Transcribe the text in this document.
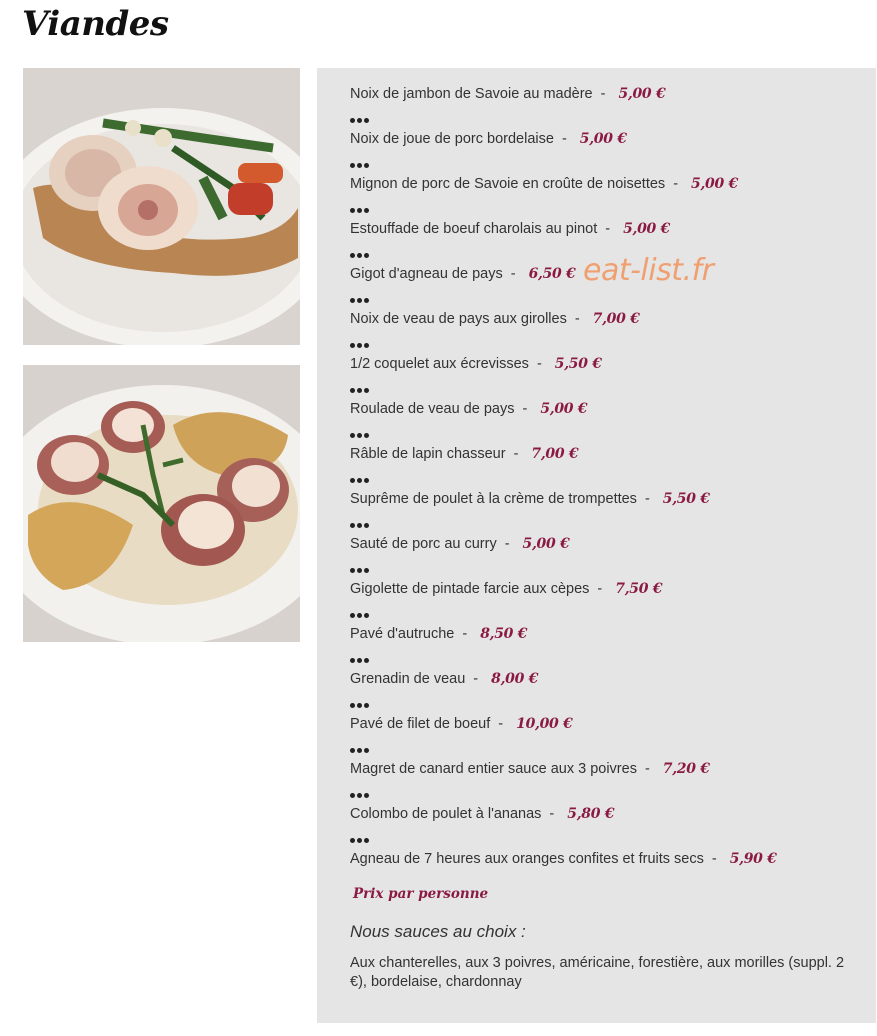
Viandes
Noix de jambon de Savoie au madère - 5,00 €
Noix de joue de porc bordelaise - 5,00 €
Mignon de porc de Savoie en croûte de noisettes - 5,00 €
Estouffade de boeuf charolais au pinot - 5,00 €
Gigot d'agneau de pays - 6,50 €
Noix de veau de pays aux girolles - 7,00 €
1/2 coquelet aux écrevisses - 5,50 €
Roulade de veau de pays - 5,00 €
Râble de lapin chasseur - 7,00 €
Suprême de poulet à la crème de trompettes - 5,50 €
Sauté de porc au curry - 5,00 €
Gigolette de pintade farcie aux cèpes - 7,50 €
Pavé d'autruche - 8,50 €
Grenadin de veau - 8,00 €
Pavé de filet de boeuf - 10,00 €
Magret de canard entier sauce aux 3 poivres - 7,20 €
Colombo de poulet à l'ananas - 5,80 €
Agneau de 7 heures aux oranges confites et fruits secs - 5,90 €
eat-list.fr
Prix par personne
Nous sauces au choix :
Aux chanterelles, aux 3 poivres, américaine, forestière, aux morilles (suppl. 2 €), bordelaise, chardonnay
